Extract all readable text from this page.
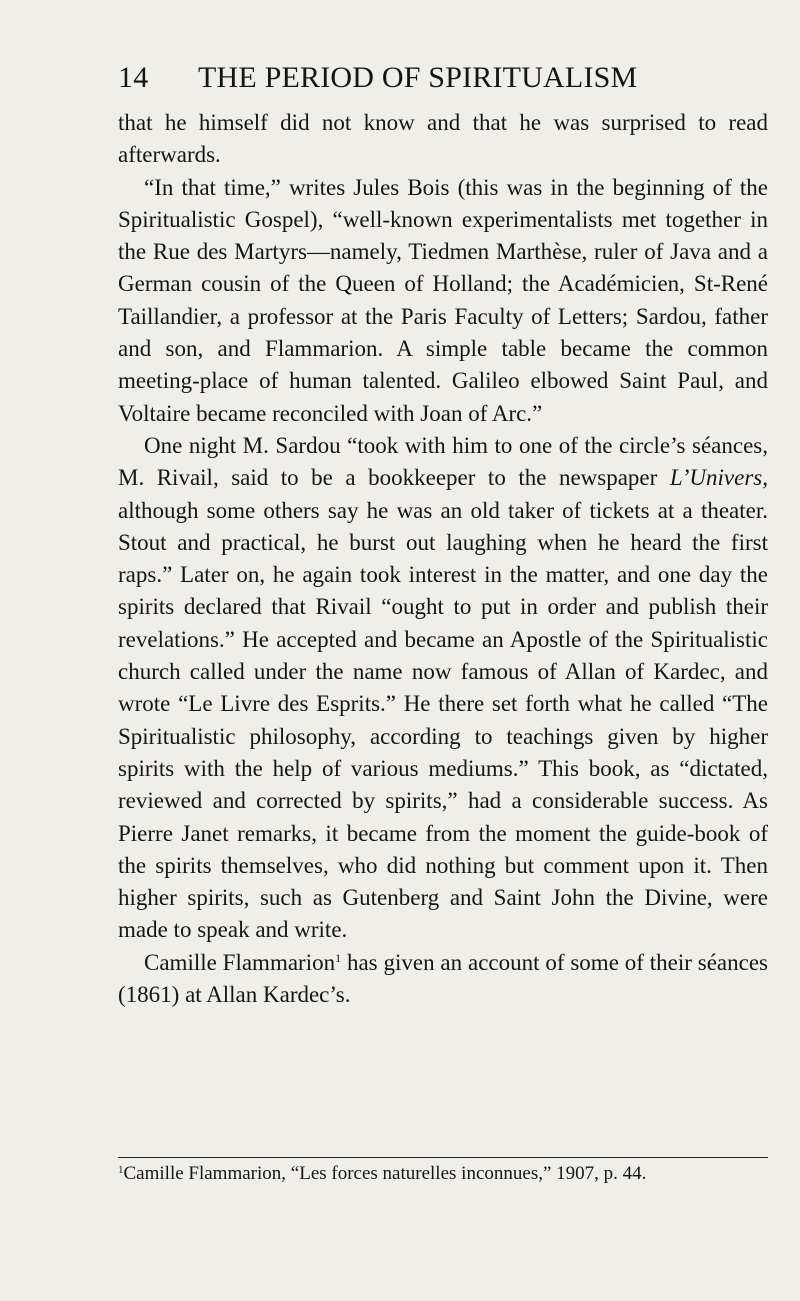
14 THE PERIOD OF SPIRITUALISM

that he himself did not know and that he was surprised to read afterwards.

“In that time,” writes Jules Bois (this was in the beginning of the Spiritualistic Gospel), “well-known experimentalists met together in the Rue des Martyrs—namely, Tiedmen Marthèse, ruler of Java and a German cousin of the Queen of Holland; the Académicien, St-René Taillandier, a professor at the Paris Faculty of Letters; Sardou, father and son, and Flammarion. A simple table became the common meeting-place of human talented. Galileo elbowed Saint Paul, and Voltaire became reconciled with Joan of Arc.”

One night M. Sardou “took with him to one of the circle’s séances, M. Rivail, said to be a bookkeeper to the newspaper L’Univers, although some others say he was an old taker of tickets at a theater. Stout and practical, he burst out laughing when he heard the first raps.” Later on, he again took interest in the matter, and one day the spirits declared that Rivail “ought to put in order and publish their revelations.” He accepted and became an Apostle of the Spiritualistic church called under the name now famous of Allan of Kardec, and wrote “Le Livre des Esprits.” He there set forth what he called “The Spiritualistic philosophy, according to teachings given by higher spirits with the help of various mediums.” This book, as “dictated, reviewed and corrected by spirits,” had a considerable success. As Pierre Janet remarks, it became from the moment the guide-book of the spirits themselves, who did nothing but comment upon it. Then higher spirits, such as Gutenberg and Saint John the Divine, were made to speak and write.

Camille Flammarion$^1$ has given an account of some of their séances (1861) at Allan Kardec’s.

$^1$Camille Flammarion, “Les forces naturelles inconnues,” 1907, p. 44.
